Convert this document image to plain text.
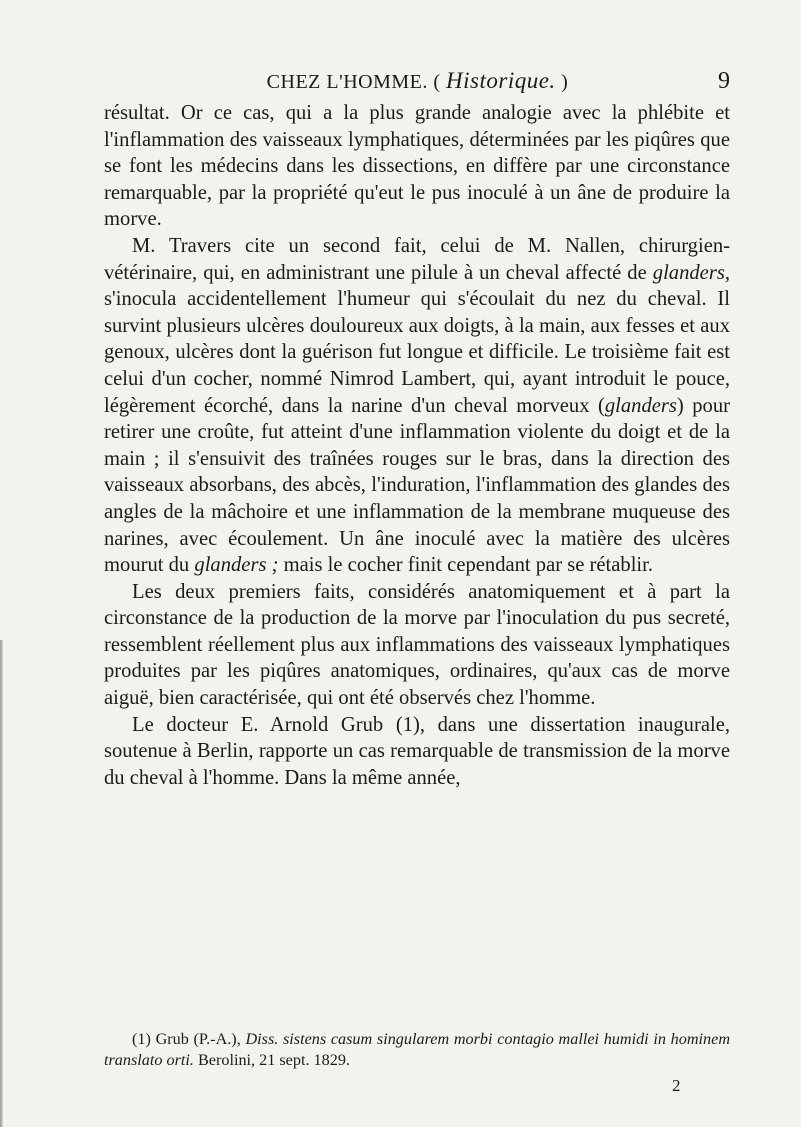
CHEZ L'HOMME. ( Historique. )	9

résultat. Or ce cas, qui a la plus grande analogie avec la phlébite et l'inflammation des vaisseaux lymphatiques, déterminées par les piqûres que se font les médecins dans les dissections, en diffère par une circonstance remarquable, par la propriété qu'eut le pus inoculé à un âne de produire la morve.

M. Travers cite un second fait, celui de M. Nallen, chirurgien-vétérinaire, qui, en administrant une pilule à un cheval affecté de glanders, s'inocula accidentellement l'humeur qui s'écoulait du nez du cheval. Il survint plusieurs ulcères douloureux aux doigts, à la main, aux fesses et aux genoux, ulcères dont la guérison fut longue et difficile. Le troisième fait est celui d'un cocher, nommé Nimrod Lambert, qui, ayant introduit le pouce, légèrement écorché, dans la narine d'un cheval morveux (glanders) pour retirer une croûte, fut atteint d'une inflammation violente du doigt et de la main ; il s'ensuivit des traînées rouges sur le bras, dans la direction des vaisseaux absorbans, des abcès, l'induration, l'inflammation des glandes des angles de la mâchoire et une inflammation de la membrane muqueuse des narines, avec écoulement. Un âne inoculé avec la matière des ulcères mourut du glanders ; mais le cocher finit cependant par se rétablir.

Les deux premiers faits, considérés anatomiquement et à part la circonstance de la production de la morve par l'inoculation du pus secreté, ressemblent réellement plus aux inflammations des vaisseaux lymphatiques produites par les piqûres anatomiques, ordinaires, qu'aux cas de morve aiguë, bien caractérisée, qui ont été observés chez l'homme.

Le docteur E. Arnold Grub (1), dans une dissertation inaugurale, soutenue à Berlin, rapporte un cas remarquable de transmission de la morve du cheval à l'homme. Dans la même année,

(1) Grub (P.-A.), Diss. sistens casum singularem morbi contagio mallei humidi in hominem translato orti. Berolini, 21 sept. 1829.
2
